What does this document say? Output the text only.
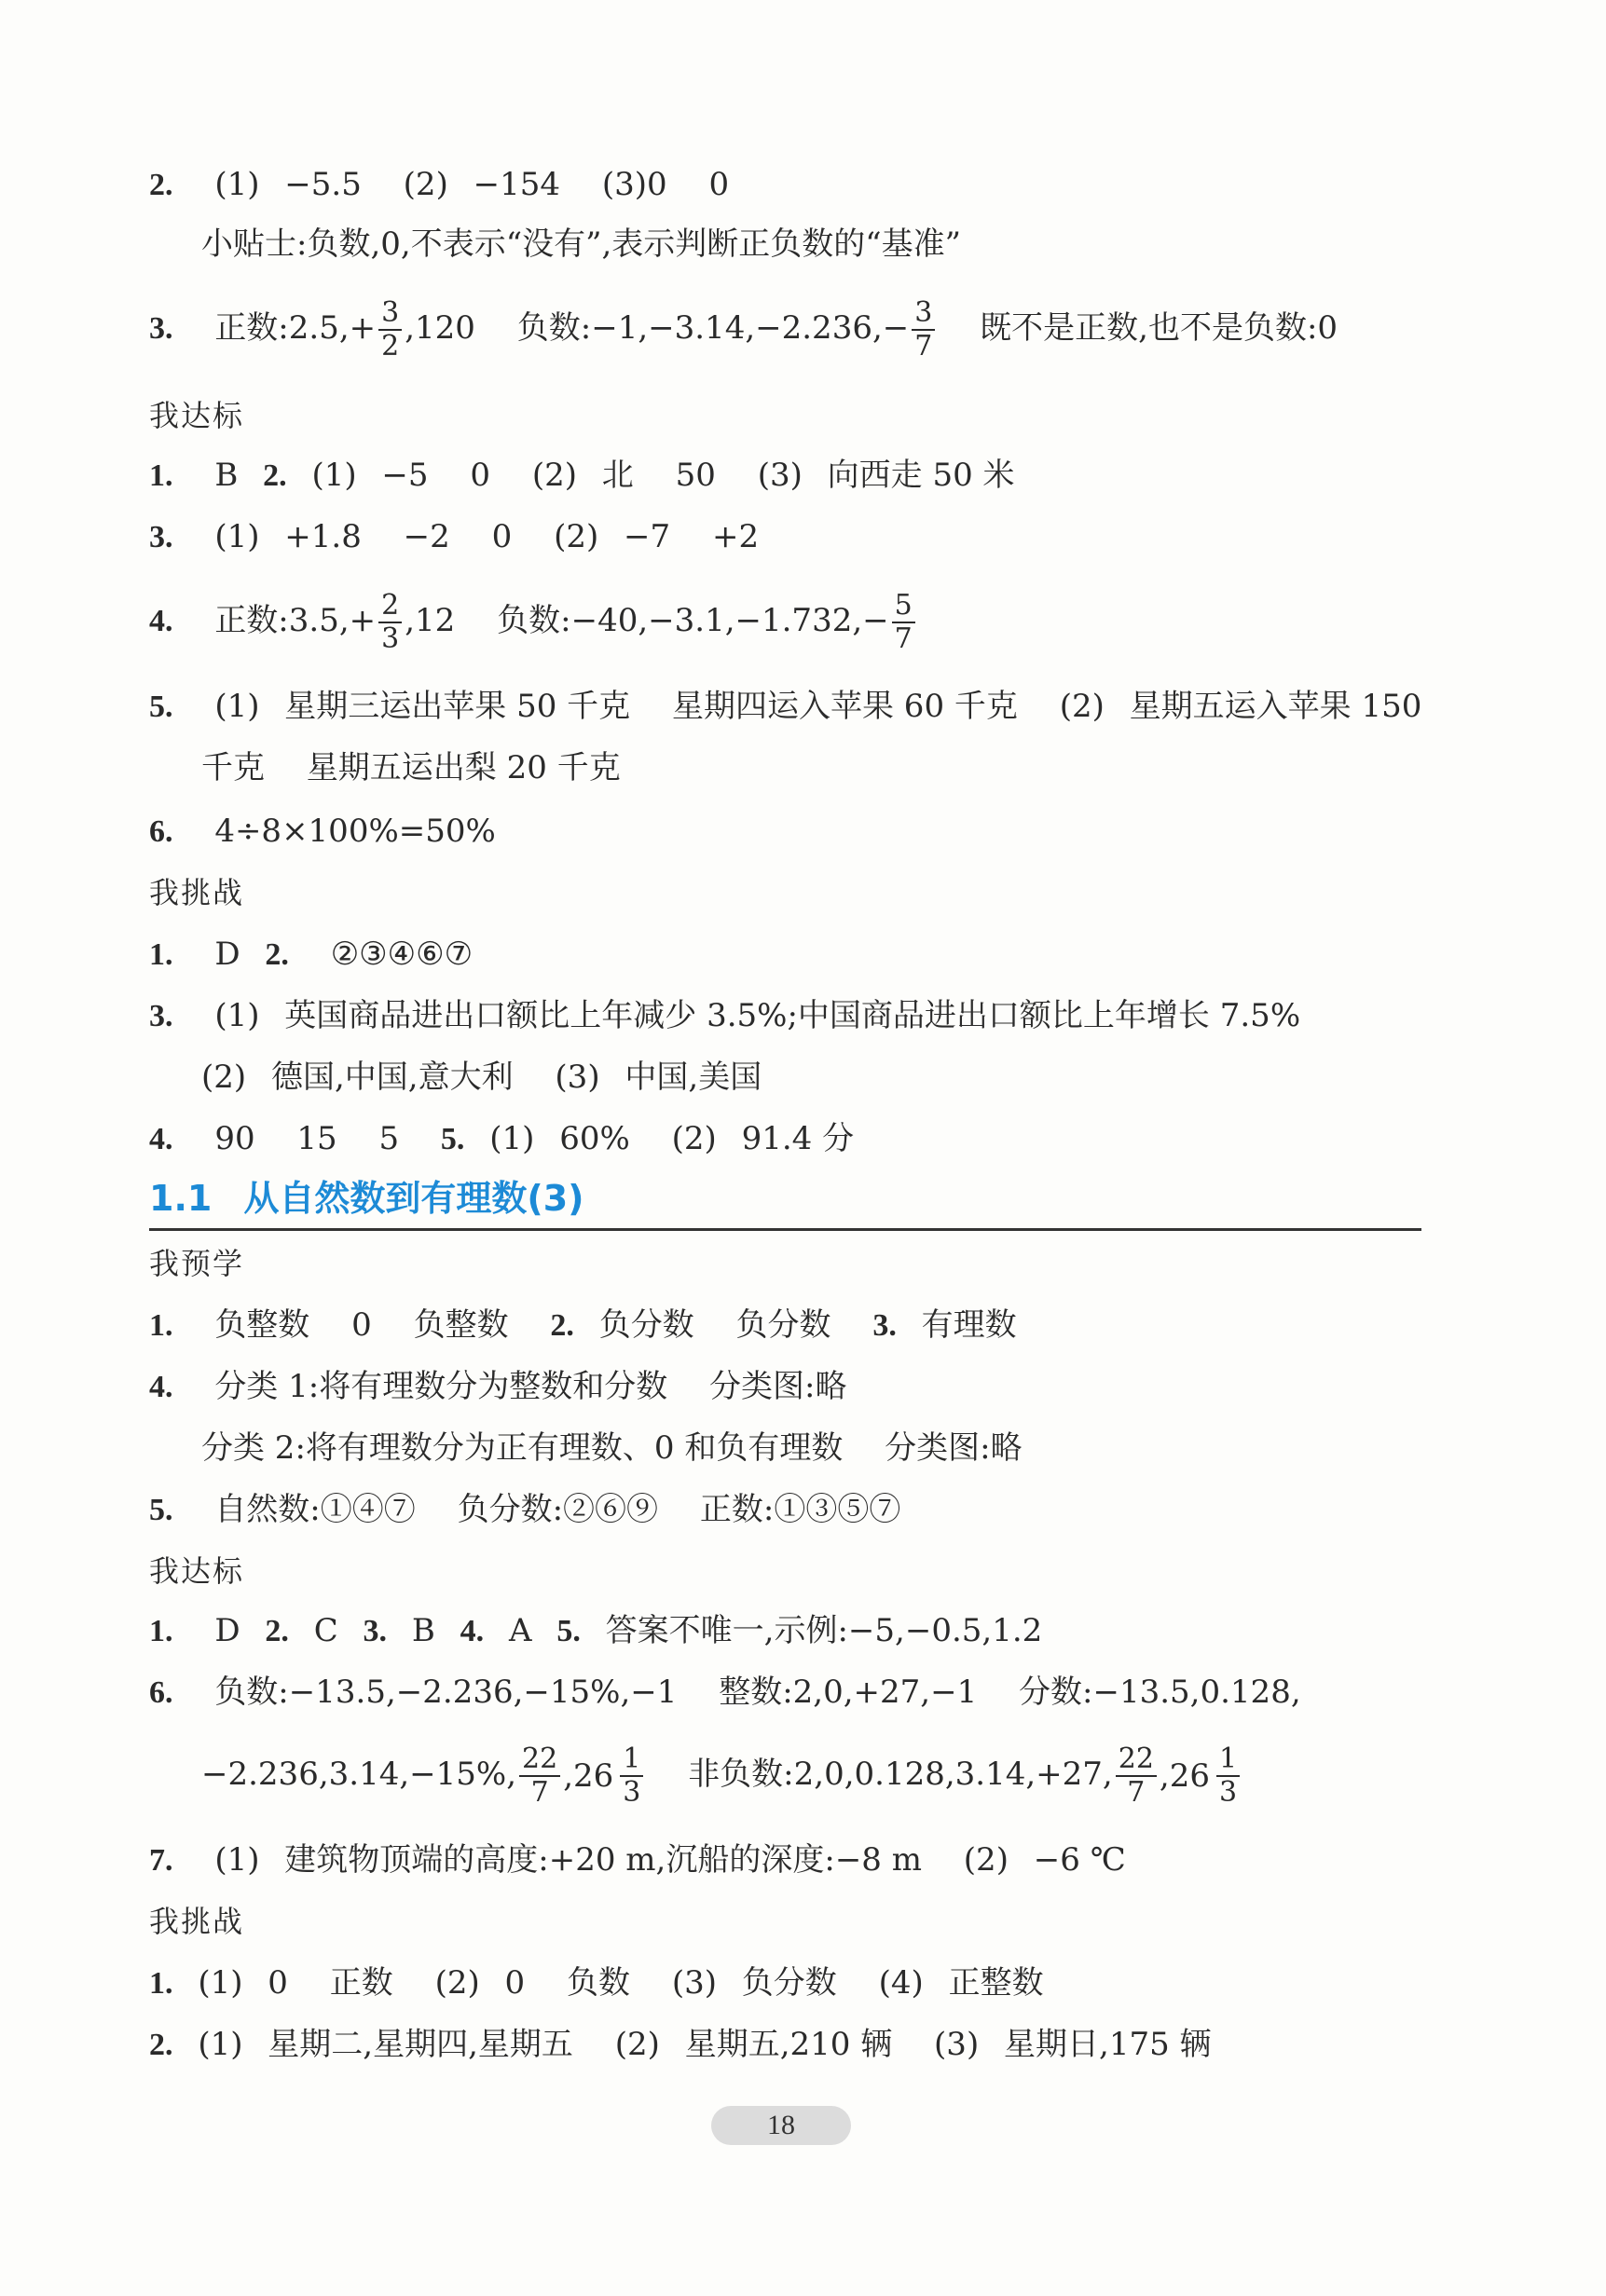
2. (1) −5.5 (2) −154 (3)0 0
小贴士:负数,0,不表示“没有”,表示判断正负数的“基准”
3. 正数:2.5,+ $\frac{3}{2} ,120$ 负数:−1,−3.14,−2.236,− $\frac{3}{7}$ 既不是正数,也不是负数:0
我达标
1. B 2. (1) −5 0 (2) 北 50 (3) 向西走 50 米
3. (1) +1.8 −2 0 (2) −7 +2
4. 正数:3.5,+ $\frac{2}{3} ,12$ 负数:−40,−3.1,−1.732,− $\frac{5}{7}$
5. (1) 星期三运出苹果 50 千克 星期四运入苹果 60 千克 (2) 星期五运入苹果 150
千克 星期五运出梨 20 千克
6. 4÷8×100%=50%
我挑战
1. D 2. ②③④⑥⑦
3. (1) 英国商品进出口额比上年减少 3.5%;中国商品进出口额比上年增长 7.5%
(2) 德国,中国,意大利 (3) 中国,美国
4. 90 15 5 5. (1) 60% (2) 91.4 分
1.1 从自然数到有理数(3)
我预学
1. 负整数 0 负整数 2. 负分数 负分数 3. 有理数
4. 分类 1:将有理数分为整数和分数 分类图:略
分类 2:将有理数分为正有理数、0 和负有理数 分类图:略
5. 自然数:①④⑦ 负分数:②⑥⑨ 正数:①③⑤⑦
我达标
1. D 2. C 3. B 4. A 5. 答案不唯一,示例:−5,−0.5,1.2
6. 负数:−13.5,−2.236,−15%,−1 整数:2,0,+27,−1 分数:−13.5,0.128,
−2.236,3.14,−15%, $\frac{22}{7} ,26 \frac{1}{3}$ 非负数:2,0,0.128,3.14,+27, $\frac{22}{7} ,26 \frac{1}{3}$
7. (1) 建筑物顶端的高度:+20 m,沉船的深度:−8 m (2) −6 ℃
我挑战
1. (1) 0 正数 (2) 0 负数 (3) 负分数 (4) 正整数
2. (1) 星期二,星期四,星期五 (2) 星期五,210 辆 (3) 星期日,175 辆
18
